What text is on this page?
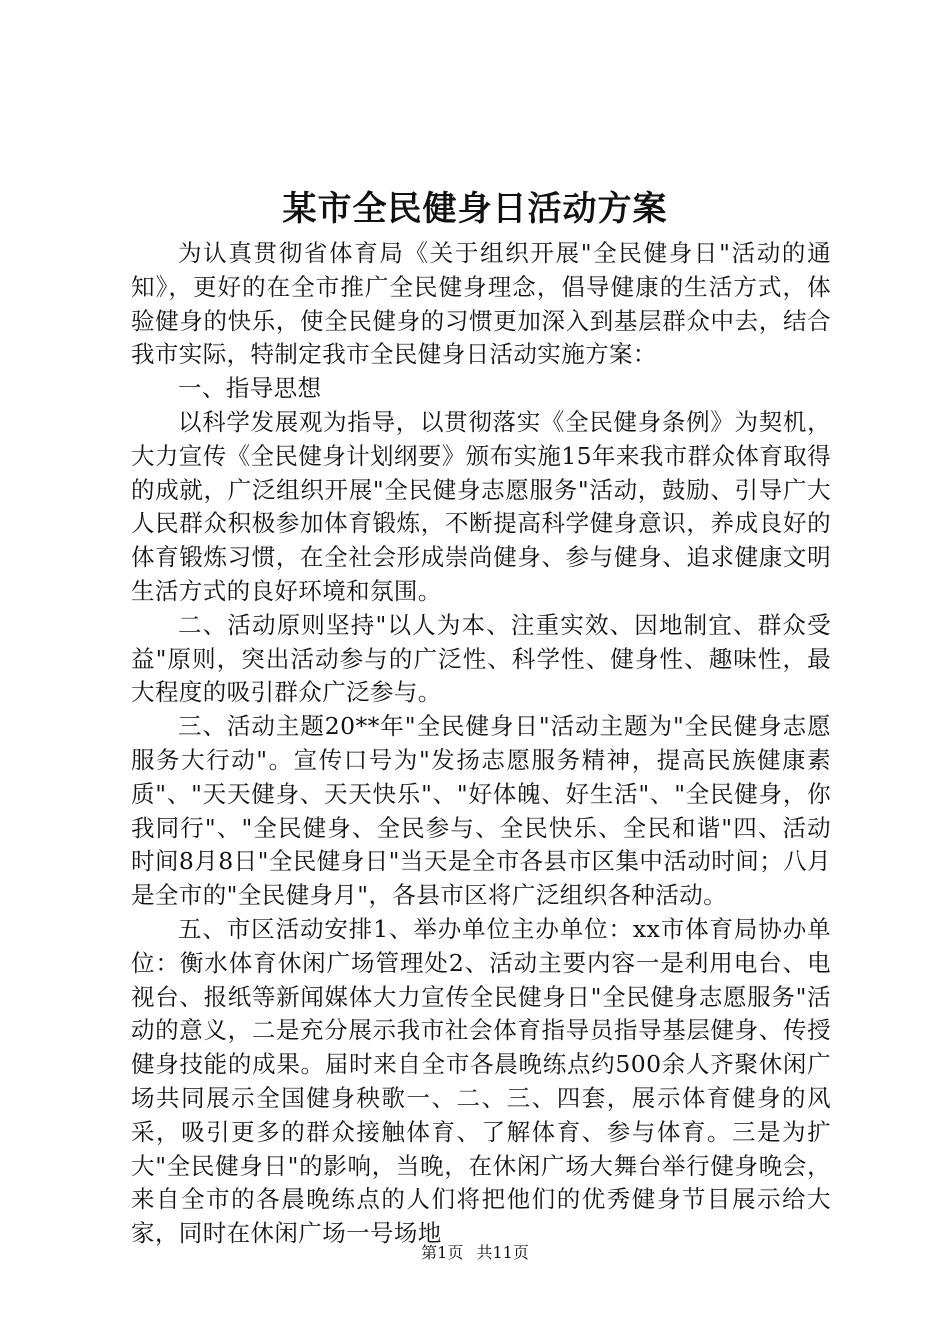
某市全民健身日活动方案

为认真贯彻省体育局《关于组织开展"全民健身日"活动的通知》，更好的在全市推广全民健身理念，倡导健康的生活方式，体验健身的快乐，使全民健身的习惯更加深入到基层群众中去，结合我市实际，特制定我市全民健身日活动实施方案：

一、指导思想

以科学发展观为指导，以贯彻落实《全民健身条例》为契机，大力宣传《全民健身计划纲要》颁布实施15年来我市群众体育取得的成就，广泛组织开展"全民健身志愿服务"活动，鼓励、引导广大人民群众积极参加体育锻炼，不断提高科学健身意识，养成良好的体育锻炼习惯，在全社会形成崇尚健身、参与健身、追求健康文明生活方式的良好环境和氛围。

二、活动原则坚持"以人为本、注重实效、因地制宜、群众受益"原则，突出活动参与的广泛性、科学性、健身性、趣味性，最大程度的吸引群众广泛参与。

三、活动主题20**年"全民健身日"活动主题为"全民健身志愿服务大行动"。宣传口号为"发扬志愿服务精神，提高民族健康素质"、"天天健身、天天快乐"、"好体魄、好生活"、"全民健身，你我同行"、"全民健身、全民参与、全民快乐、全民和谐"四、活动时间8月8日"全民健身日"当天是全市各县市区集中活动时间；八月是全市的"全民健身月"，各县市区将广泛组织各种活动。

五、市区活动安排1、举办单位主办单位：xx市体育局协办单位：衡水体育休闲广场管理处2、活动主要内容一是利用电台、电视台、报纸等新闻媒体大力宣传全民健身日"全民健身志愿服务"活动的意义，二是充分展示我市社会体育指导员指导基层健身、传授健身技能的成果。届时来自全市各晨晚练点约500余人齐聚休闲广场共同展示全国健身秧歌一、二、三、四套，展示体育健身的风采，吸引更多的群众接触体育、了解体育、参与体育。三是为扩大"全民健身日"的影响，当晚，在休闲广场大舞台举行健身晚会，来自全市的各晨晚练点的人们将把他们的优秀健身节目展示给大家，同时在休闲广场一号场地

第1页 共11页
